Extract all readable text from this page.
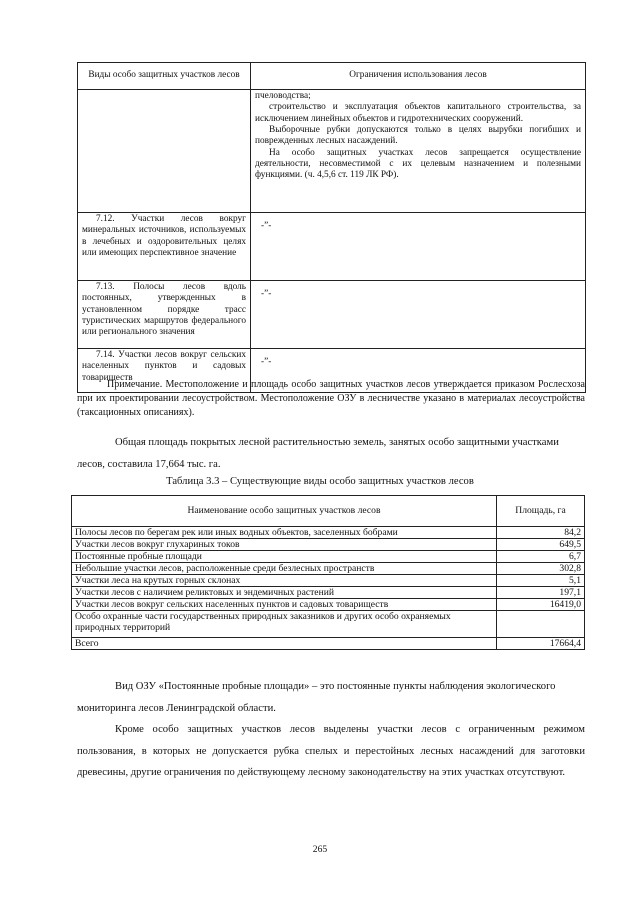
Виды особо защитных участков лесов	Ограничения использования лесов

	пчеловодства;
строительство и эксплуатация объектов капитального строительства, за исключением линейных объектов и гидротехнических сооружений.
Выборочные рубки допускаются только в целях вырубки погибших и поврежденных лесных насаждений.
На особо защитных участках лесов запрещается осуществление деятельности, несовместимой с их целевым назначением и полезными функциями. (ч. 4,5,6 ст. 119 ЛК РФ).

7.12. Участки лесов вокруг минеральных источников, используемых в лечебных и оздоровительных целях или имеющих перспективное значение	-”-

7.13. Полосы лесов вдоль постоянных, утвержденных в установленном порядке трасс туристических маршрутов федерального или регионального значения	-”-

7.14. Участки лесов вокруг сельских населенных пунктов и садовых товариществ	-”-

Примечание. Местоположение и площадь особо защитных участков лесов утверждается приказом Рослесхоза при их проектировании лесоустройством. Местоположение ОЗУ в лесничестве указано в материалах лесоустройства (таксационных описаниях).

Общая площадь покрытых лесной растительностью земель, занятых особо защитными участками лесов, составила 17,664 тыс. га.

Таблица 3.3 – Существующие виды особо защитных участков лесов

Наименование особо защитных участков лесов	Площадь, га
Полосы лесов по берегам рек или иных водных объектов, заселенных бобрами	84,2
Участки лесов вокруг глухариных токов	649,5
Постоянные пробные площади	6,7
Небольшие участки лесов, расположенные среди безлесных пространств	302,8
Участки леса на крутых горных склонах	5,1
Участки лесов с наличием реликтовых и эндемичных растений	197,1
Участки лесов вокруг сельских населенных пунктов и садовых товариществ	16419,0
Особо охранные части государственных природных заказников и других особо охраняемых природных территорий	
Всего	17664,4

Вид ОЗУ «Постоянные пробные площади» – это постоянные пункты наблюдения экологического мониторинга лесов Ленинградской области.

Кроме особо защитных участков лесов выделены участки лесов с ограниченным режимом пользования, в которых не допускается рубка спелых и перестойных лесных насаждений для заготовки древесины, другие ограничения по действующему лесному законодательству на этих участках отсутствуют.

265
